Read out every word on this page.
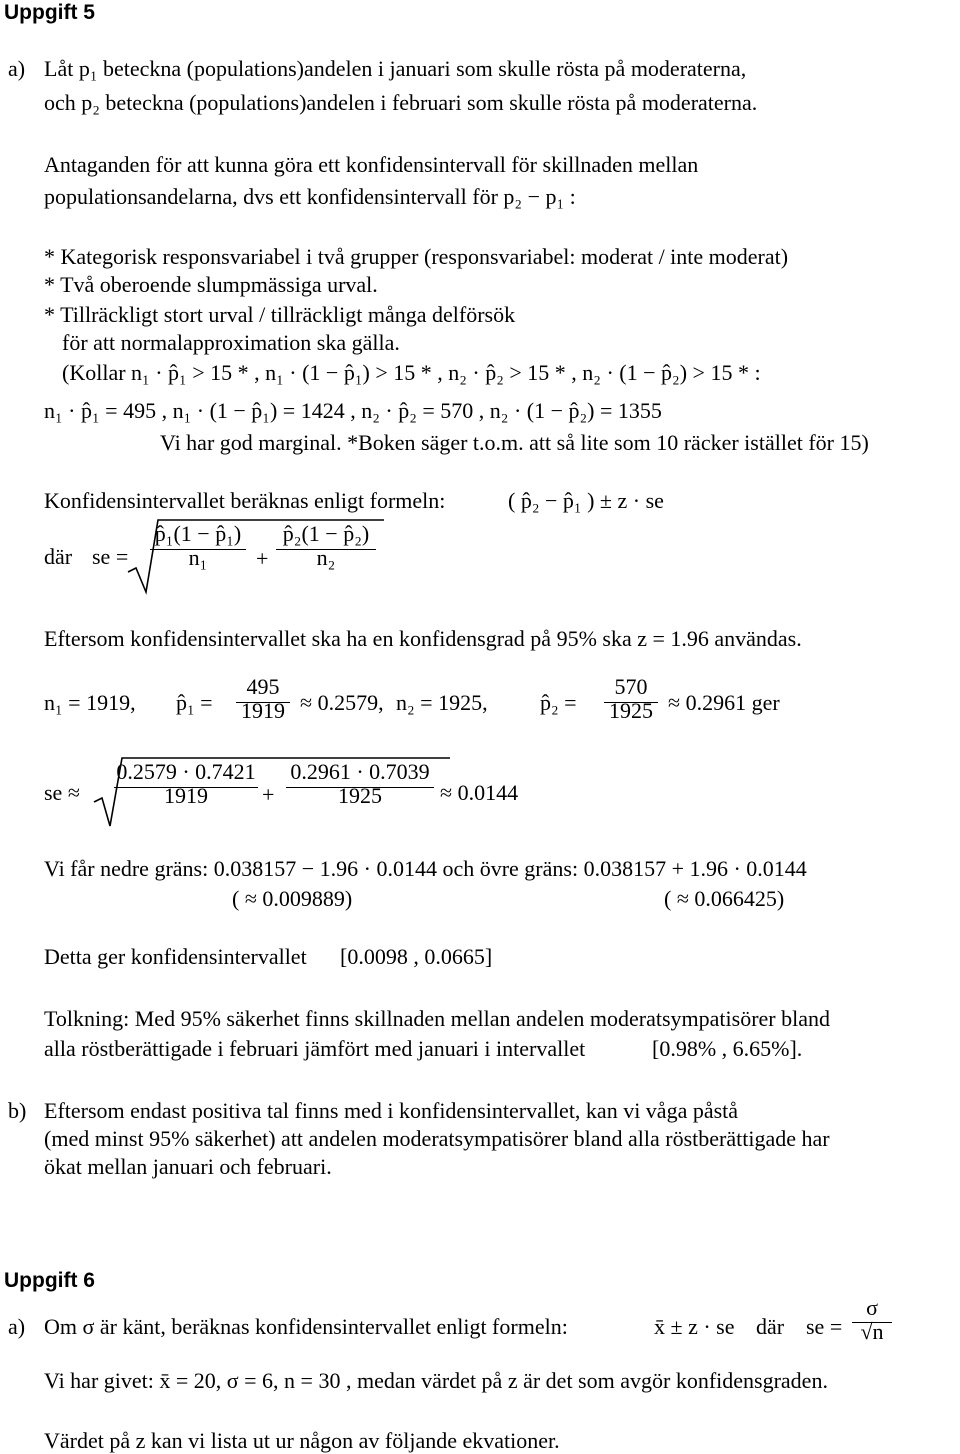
Uppgift 5
a) Låt p₁ beteckna (populations)andelen i januari som skulle rösta på moderaterna,
och p₂ beteckna (populations)andelen i februari som skulle rösta på moderaterna.
Antaganden för att kunna göra ett konfidensintervall för skillnaden mellan
populationsandelarna, dvs ett konfidensintervall för p₂ − p₁ :
* Kategorisk responsvariabel i två grupper (responsvariabel: moderat / inte moderat)
* Två oberoende slumpmässiga urval.
* Tillräckligt stort urval / tillräckligt många delförsök
för att normalapproximation ska gälla.
(Kollar n₁ · p̂₁ > 15 * , n₁ · (1 − p̂₁) > 15 * , n₂ · p̂₂ > 15 * , n₂ · (1 − p̂₂) > 15 * :
n₁ · p̂₁ = 495 , n₁ · (1 − p̂₁) = 1424 , n₂ · p̂₂ = 570 , n₂ · (1 − p̂₂) = 1355
Vi har god marginal. *Boken säger t.o.m. att så lite som 10 räcker istället för 15)
Konfidensintervallet beräknas enligt formeln:	( p̂₂ − p̂₁ ) ± z · se
där se =
p̂₁(1 − p̂₁)
n₁	+
p̂₂(1 − p̂₂)
n₂
Eftersom konfidensintervallet ska ha en konfidensgrad på 95% ska z = 1.96 användas.
n₁ = 1919, p̂₁ =
495
1919 ≈ 0.2579, n₂ = 1925, p̂₂ =
570
1925 ≈ 0.2961 ger
se ≈
0.2579 · 0.7421
1919	+
0.2961 · 0.7039
1925	≈ 0.0144
Vi får nedre gräns: 0.038157 − 1.96 · 0.0144 och övre gräns: 0.038157 + 1.96 · 0.0144
( ≈ 0.009889)	( ≈ 0.066425)
Detta ger konfidensintervallet [0.0098 , 0.0665]
Tolkning: Med 95% säkerhet finns skillnaden mellan andelen moderatsympatisörer bland
alla röstberättigade i februari jämfört med januari i intervallet	[0.98% , 6.65%].
b) Eftersom endast positiva tal finns med i konfidensintervallet, kan vi våga påstå
(med minst 95% säkerhet) att andelen moderatsympatisörer bland alla röstberättigade har
ökat mellan januari och februari.
Uppgift 6
a) Om σ är känt, beräknas konfidensintervallet enligt formeln:	x̄ ± z · se där se =
σ
√n
Vi har givet: x̄ = 20, σ = 6, n = 30 , medan värdet på z är det som avgör konfidensgraden.
Värdet på z kan vi lista ut ur någon av följande ekvationer.
